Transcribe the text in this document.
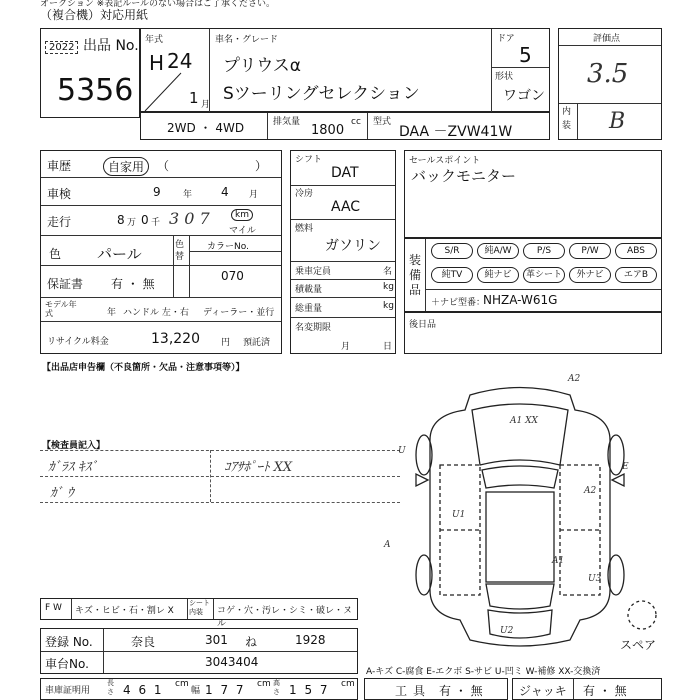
オークション ※表記ルールのない場合はご了承ください。
（複合機）対応用紙
出品 No.
2022
5356
年式
H 24
1 月
車名・グレード
プリウスα
Sツーリングセレクション
ドア
5
形状
ワゴン
評価点
3.5
内装 B
2WD ・ 4WD	排気量
1800
cc 型式
DAA －ZVW41W
車歴	自家用	（	）
車検	9 年 4 月
走行	8 万 0 千 3 0 7	km
マイル
色 パール	色替
カラーNo.
070
保証書 有 ・ 無
モデル年式	年 ハンドル 左・右 ディーラー・並行
リサイクル料金	13,220 円 預託済
シフト
DAT
冷房
AAC
燃料
ガソリン
乗車定員	名
積載量	kg
総重量	kg
名変期限
月	日
セールスポイント
バックモニター
装備品
＋ナビ型番：
NHZA-W61G
S/R	純A/W	P/S	P/W	ABS
純TV	純ナビ	革シート	外ナビ	エアB
後日品
【出品店申告欄（不良箇所・欠品・注意事項等）】
【検査員記入】
ｶﾞﾗｽ ｷｽﾞ
ｶﾞ ｳ
ｺｱｻﾎﾟｰﾄ XX
A2
A1 XX
U
E
U1
A2
A
U3
U2
A1
スペア
F W キズ・ヒビ・石・割レ X
シート内装	コゲ・穴・汚レ・シミ・破レ・ヌル
登録 No.	奈良	301 ね	1928
車台No.	3043404
A-キズ C-腐食 E-エクボ S-サビ U-凹ミ W-補修 XX-交換済
車庫証明用
長さ 4 6 1 cm
幅 1 7 7 cm 高さ 1 5 7 cm	工具 有 ・ 無	ジャッキ 有 ・ 無
